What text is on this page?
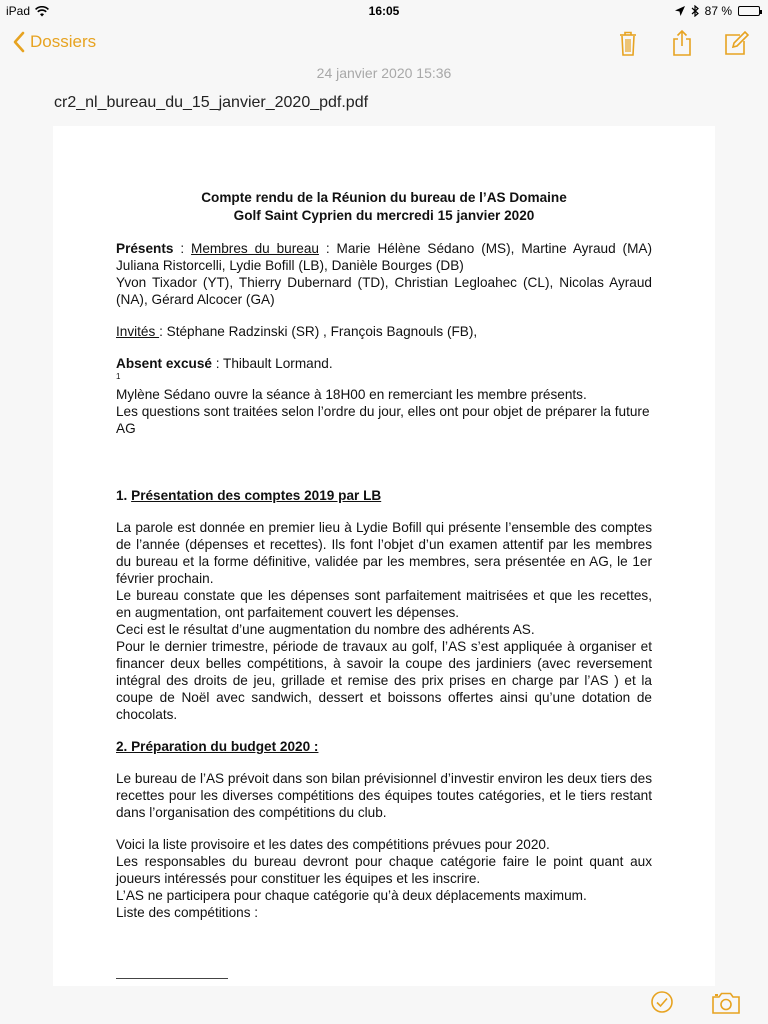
iPad	16:05	87 %
Dossiers
24 janvier 2020 15:36
cr2_nl_bureau_du_15_janvier_2020_pdf.pdf

Compte rendu de la Réunion du bureau de l’AS Domaine

Golf Saint Cyprien du mercredi 15 janvier 2020

Présents : Membres du bureau : Marie Hélène Sédano (MS), Martine Ayraud (MA) Juliana Ristorcelli, Lydie Bofill (LB), Danièle Bourges (DB)

Yvon Tixador (YT), Thierry Dubernard (TD), Christian Legloahec (CL), Nicolas Ayraud (NA), Gérard Alcocer (GA)

Invités : Stéphane Radzinski (SR) , François Bagnouls (FB),

Absent excusé : Thibault Lormand.

1

Mylène Sédano ouvre la séance à 18H00 en remerciant les membre présents.

Les questions sont traitées selon l’ordre du jour, elles ont pour objet de préparer la future AG

1. Présentation des comptes 2019 par LB

La parole est donnée en premier lieu à Lydie Bofill qui présente l’ensemble des comptes de l’année (dépenses et recettes). Ils font l’objet d’un examen attentif par les membres du bureau et la forme définitive, validée par les membres, sera présentée en AG, le 1er février prochain.

Le bureau constate que les dépenses sont parfaitement maitrisées et que les recettes, en augmentation, ont parfaitement couvert les dépenses.

Ceci est le résultat d’une augmentation du nombre des adhérents AS.

Pour le dernier trimestre, période de travaux au golf, l’AS s’est appliquée à organiser et financer deux belles compétitions, à savoir la coupe des jardiniers (avec reversement intégral des droits de jeu, grillade et remise des prix prises en charge par l’AS ) et la coupe de Noël avec sandwich, dessert et boissons offertes ainsi qu’une dotation de chocolats.

2. Préparation du budget 2020 :

Le bureau de l’AS prévoit dans son bilan prévisionnel d’investir environ les deux tiers des recettes pour les diverses compétitions des équipes toutes catégories, et le tiers restant dans l’organisation des compétitions du club.

Voici la liste provisoire et les dates des compétitions prévues pour 2020.

Les responsables du bureau devront pour chaque catégorie faire le point quant aux joueurs intéressés pour constituer les équipes et les inscrire.

L’AS ne participera pour chaque catégorie qu’à deux déplacements maximum.

Liste des compétitions :
